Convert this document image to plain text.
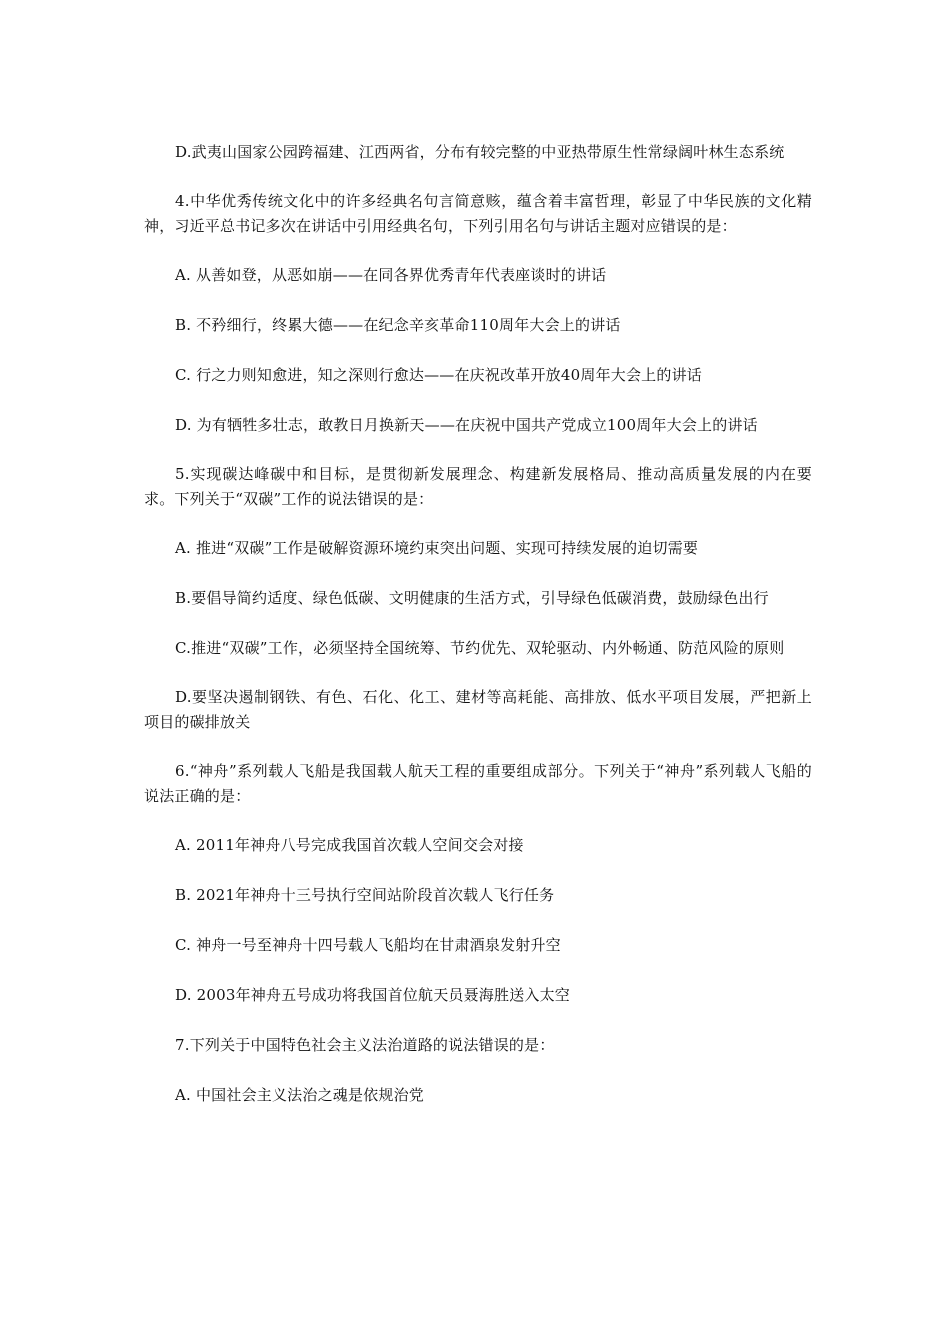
D.武夷山国家公园跨福建、江西两省，分布有较完整的中亚热带原生性常绿阔叶林生态系统

4.中华优秀传统文化中的许多经典名句言简意赅，蕴含着丰富哲理，彰显了中华民族的文化精神，习近平总书记多次在讲话中引用经典名句，下列引用名句与讲话主题对应错误的是：

A. 从善如登，从恶如崩——在同各界优秀青年代表座谈时的讲话

B. 不矜细行，终累大德——在纪念辛亥革命110周年大会上的讲话

C. 行之力则知愈进，知之深则行愈达——在庆祝改革开放40周年大会上的讲话

D. 为有牺牲多壮志，敢教日月换新天——在庆祝中国共产党成立100周年大会上的讲话

5.实现碳达峰碳中和目标，是贯彻新发展理念、构建新发展格局、推动高质量发展的内在要求。下列关于“双碳”工作的说法错误的是：

A. 推进“双碳”工作是破解资源环境约束突出问题、实现可持续发展的迫切需要

B.要倡导简约适度、绿色低碳、文明健康的生活方式，引导绿色低碳消费，鼓励绿色出行

C.推进“双碳”工作，必须坚持全国统筹、节约优先、双轮驱动、内外畅通、防范风险的原则

D.要坚决遏制钢铁、有色、石化、化工、建材等高耗能、高排放、低水平项目发展，严把新上项目的碳排放关

6.“神舟”系列载人飞船是我国载人航天工程的重要组成部分。下列关于“神舟”系列载人飞船的说法正确的是：

A. 2011年神舟八号完成我国首次载人空间交会对接

B. 2021年神舟十三号执行空间站阶段首次载人飞行任务

C. 神舟一号至神舟十四号载人飞船均在甘肃酒泉发射升空

D. 2003年神舟五号成功将我国首位航天员聂海胜送入太空

7.下列关于中国特色社会主义法治道路的说法错误的是：

A. 中国社会主义法治之魂是依规治党
